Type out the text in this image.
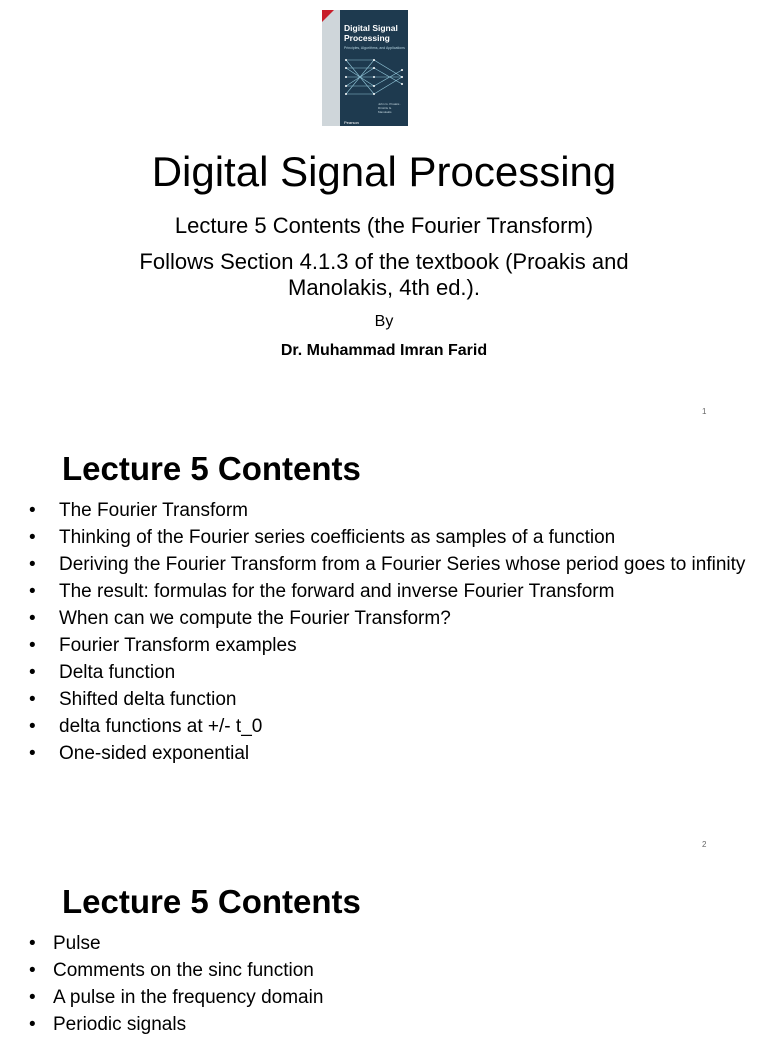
Digital Signal Processing
Principles, Algorithms, and Applications
John G. Proakis · Dimitris G. Manolakis
Pearson
Digital Signal Processing
Lecture 5 Contents (the Fourier Transform)
Follows Section 4.1.3 of the textbook (Proakis and Manolakis, 4th ed.).
By
Dr. Muhammad Imran Farid
1
Lecture 5 Contents
• The Fourier Transform
• Thinking of the Fourier series coefficients as samples of a function
• Deriving the Fourier Transform from a Fourier Series whose period goes to infinity
• The result: formulas for the forward and inverse Fourier Transform
• When can we compute the Fourier Transform?
• Fourier Transform examples
• Delta function
• Shifted delta function
• delta functions at +/- t_0
• One-sided exponential
2
Lecture 5 Contents
• Pulse
• Comments on the sinc function
• A pulse in the frequency domain
• Periodic signals
